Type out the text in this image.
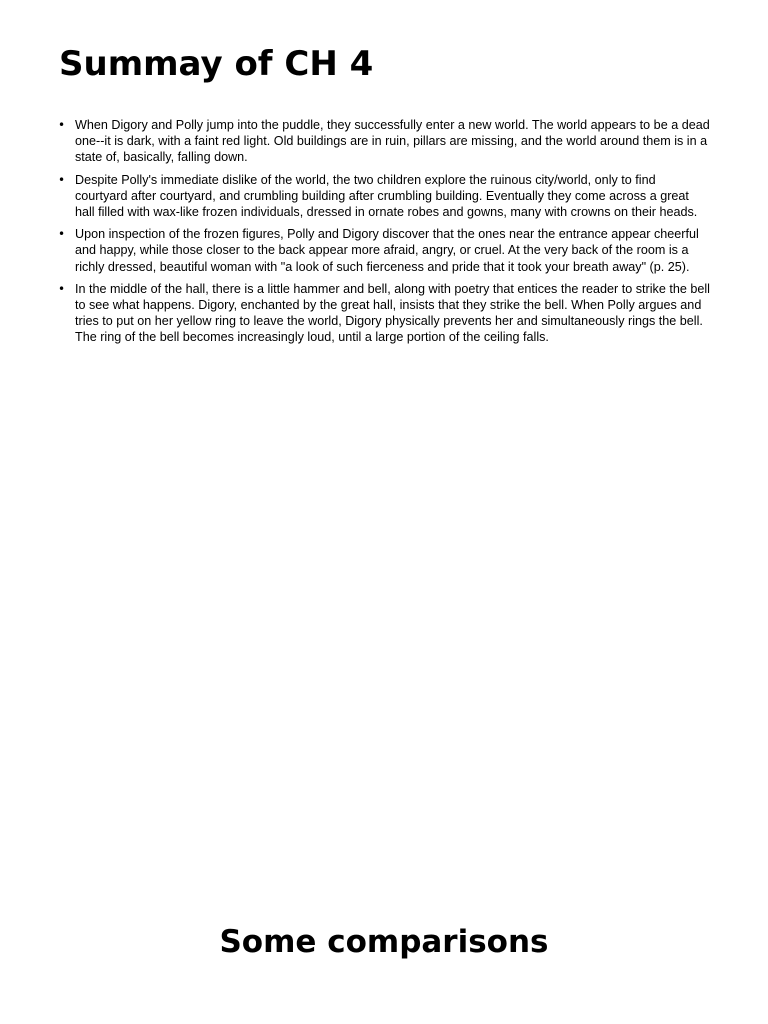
Summay of CH 4
• When Digory and Polly jump into the puddle, they successfully enter a new world. The world appears to be a dead one--it is dark, with a faint red light. Old buildings are in ruin, pillars are missing, and the world around them is in a state of, basically, falling down.
• Despite Polly's immediate dislike of the world, the two children explore the ruinous city/world, only to find courtyard after courtyard, and crumbling building after crumbling building. Eventually they come across a great hall filled with wax-like frozen individuals, dressed in ornate robes and gowns, many with crowns on their heads.
• Upon inspection of the frozen figures, Polly and Digory discover that the ones near the entrance appear cheerful and happy, while those closer to the back appear more afraid, angry, or cruel. At the very back of the room is a richly dressed, beautiful woman with "a look of such fierceness and pride that it took your breath away" (p. 25).
• In the middle of the hall, there is a little hammer and bell, along with poetry that entices the reader to strike the bell to see what happens. Digory, enchanted by the great hall, insists that they strike the bell. When Polly argues and tries to put on her yellow ring to leave the world, Digory physically prevents her and simultaneously rings the bell. The ring of the bell becomes increasingly loud, until a large portion of the ceiling falls.
Some comparisons
